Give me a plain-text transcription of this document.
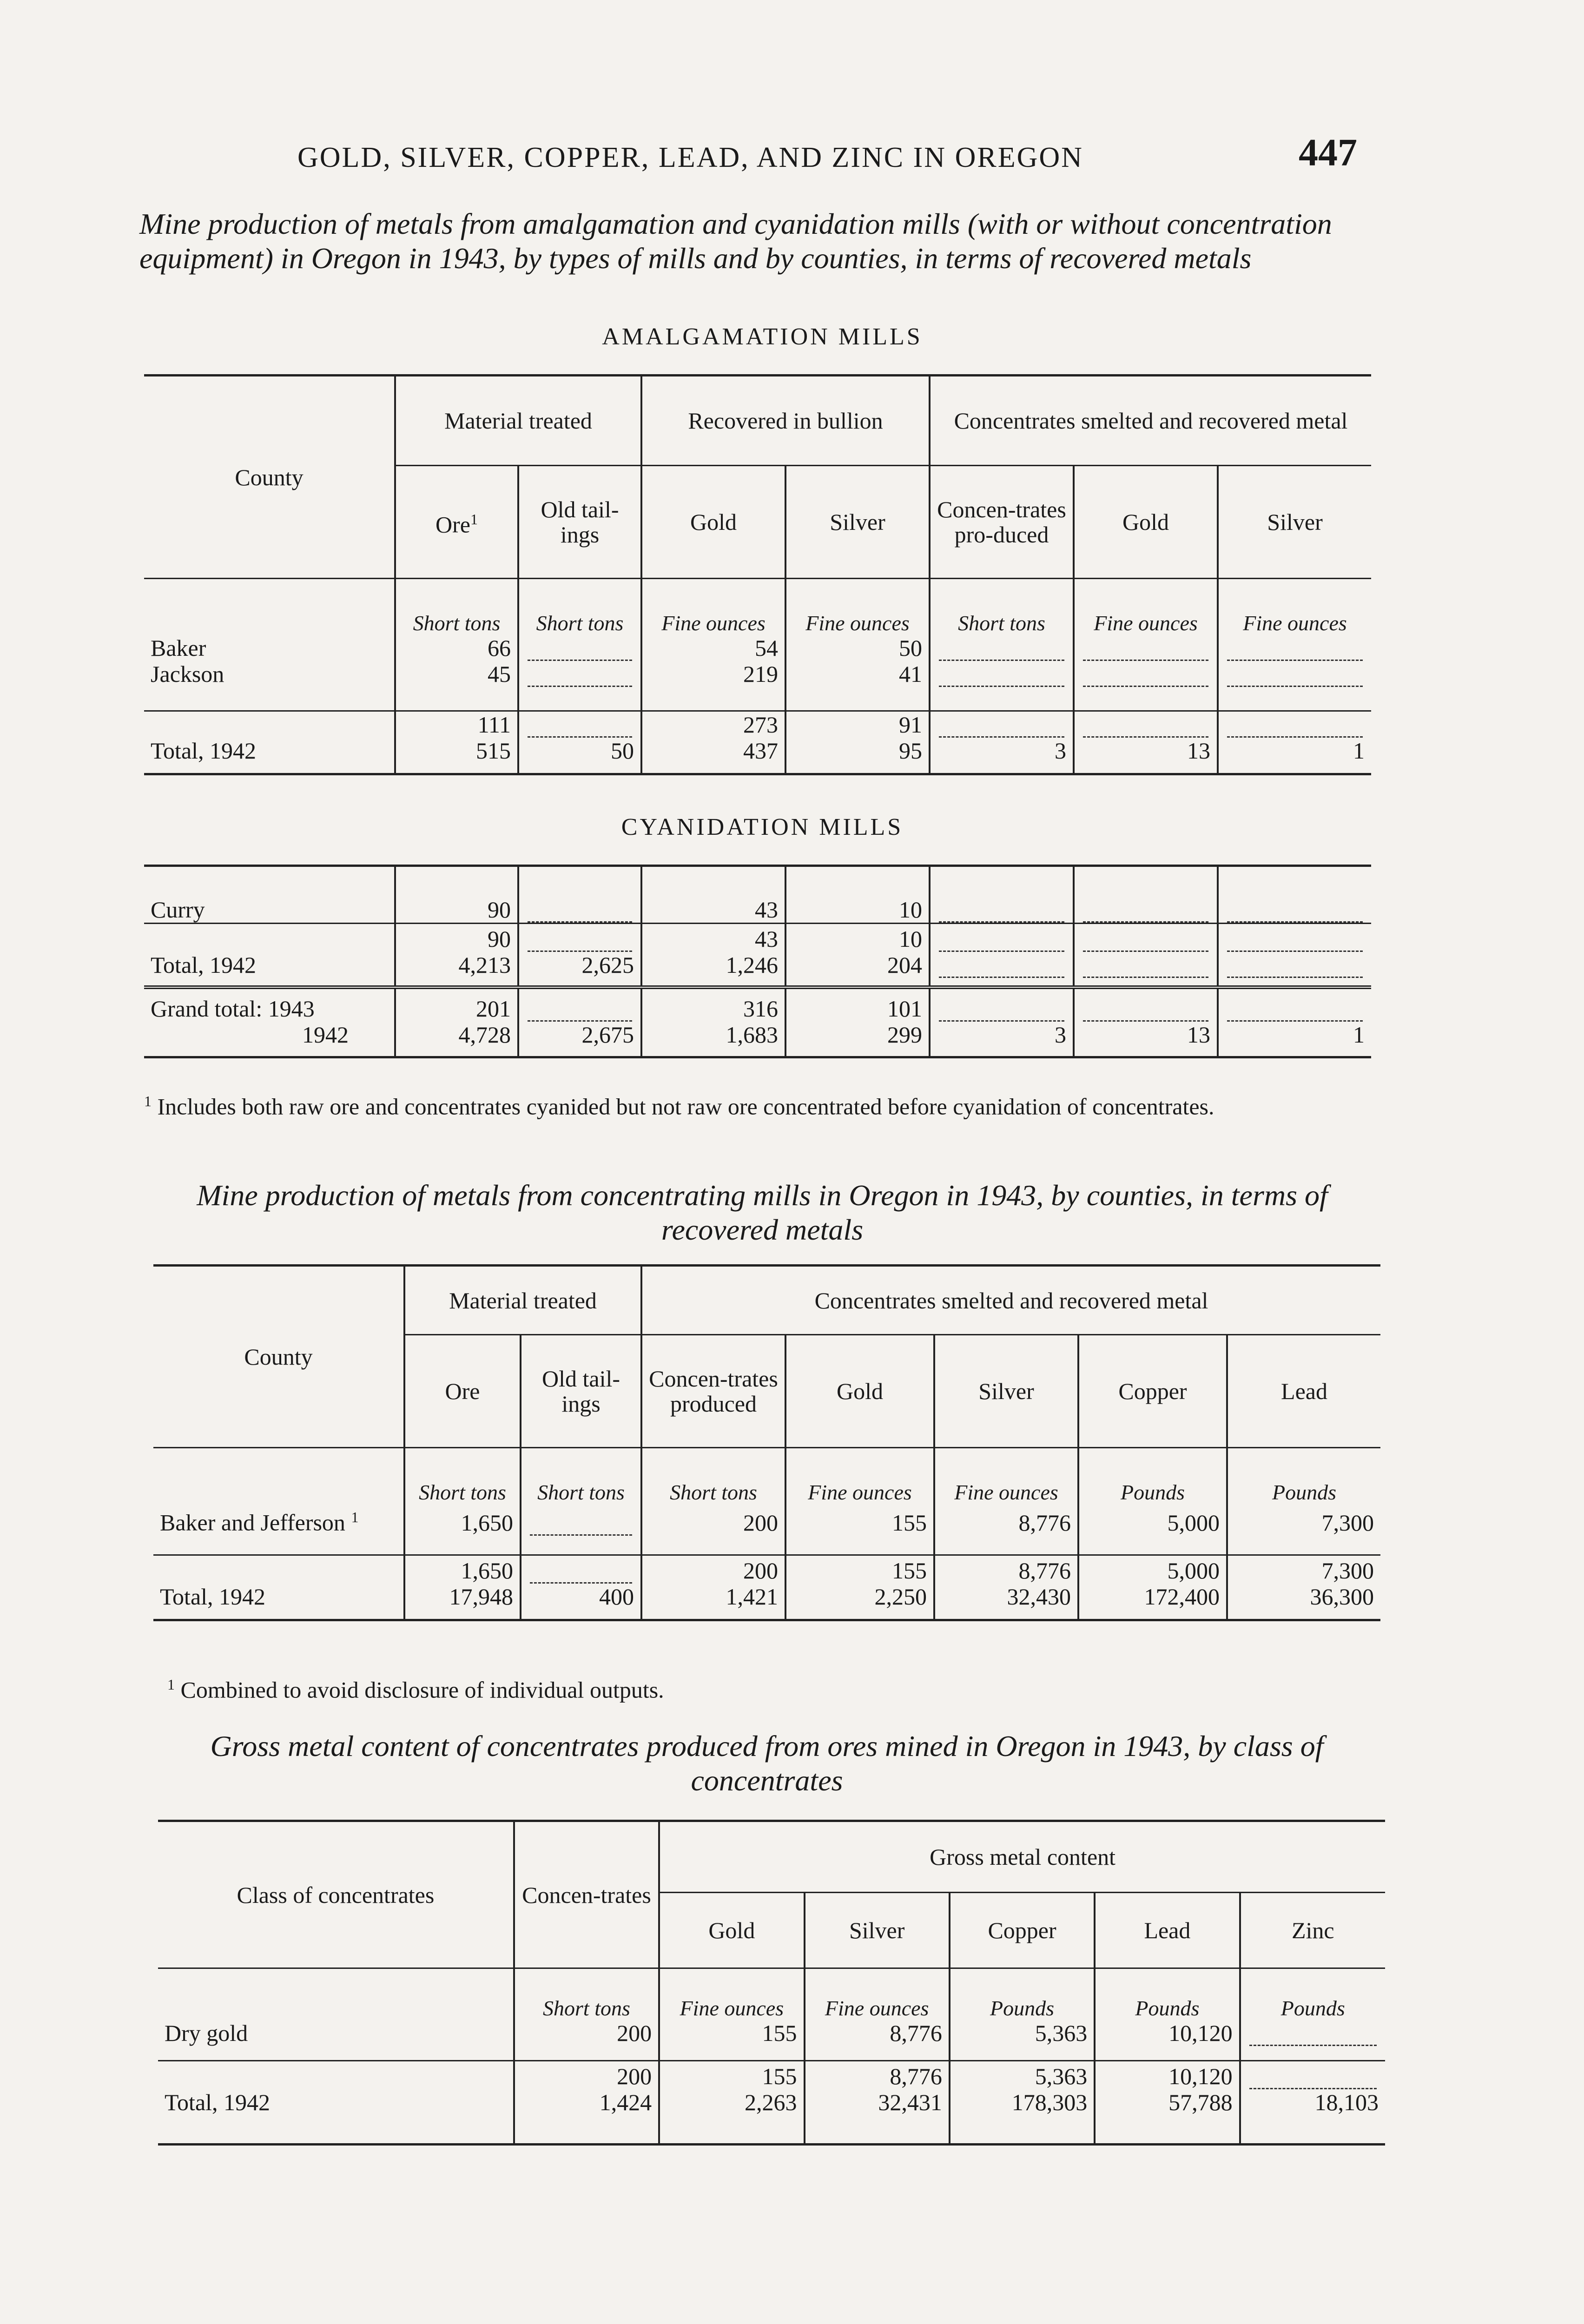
GOLD, SILVER, COPPER, LEAD, AND ZINC IN OREGON	447
Mine production of metals from amalgamation and cyanidation mills (with or without concentration equipment) in Oregon in 1943, by types of mills and by counties, in terms of recovered metals
AMALGAMATION MILLS
County	Material treated		Recovered in bullion		Concentrates smelted and recovered metal		
	Ore$^1$	Old tail-ings	Gold	Silver	Concen-trates pro-duced	Gold	Silver
	Short tons	Short tons	Fine ounces	Fine ounces	Short tons	Fine ounces	Fine ounces
Baker	66		54	50	

Jackson	45		219	41	

	111		273	91	

Total, 1942	515	50	437	95	3	13	1
CYANIDATION MILLS
Curry	90		43	10	

	90		43	10	

Total, 1942	4,213	2,625	1,246	204	

Grand total: 1943	201		316	101	

1942	4,728	2,675	1,683	299	3	13	1
$^1$ Includes both raw ore and concentrates cyanided but not raw ore concentrated before cyanidation of concentrates.
Mine production of metals from concentrating mills in Oregon in 1943, by counties, in terms of recovered metals
County	Material treated		Concentrates smelted and recovered metal				
	Ore	Old tail-ings	Concen-trates produced	Gold	Silver	Copper	Lead
	Short tons	Short tons	Short tons	Fine ounces	Fine ounces	Pounds	Pounds
Baker and Jefferson $^1$	1,650		200	155	8,776	5,000	7,300
	1,650		200	155	8,776	5,000	7,300
Total, 1942	17,948	400	1,421	2,250	32,430	172,400	36,300
$^1$ Combined to avoid disclosure of individual outputs.
Gross metal content of concentrates produced from ores mined in Oregon in 1943, by class of concentrates
Class of concentrates	Concen-trates	Gross metal content				
		Gold	Silver	Copper	Lead	Zinc
	Short tons	Fine ounces	Fine ounces	Pounds	Pounds	Pounds
Dry gold	200	155	8,776	5,363	10,120	

	200	155	8,776	5,363	10,120	

Total, 1942	1,424	2,263	32,431	178,303	57,788	18,103
